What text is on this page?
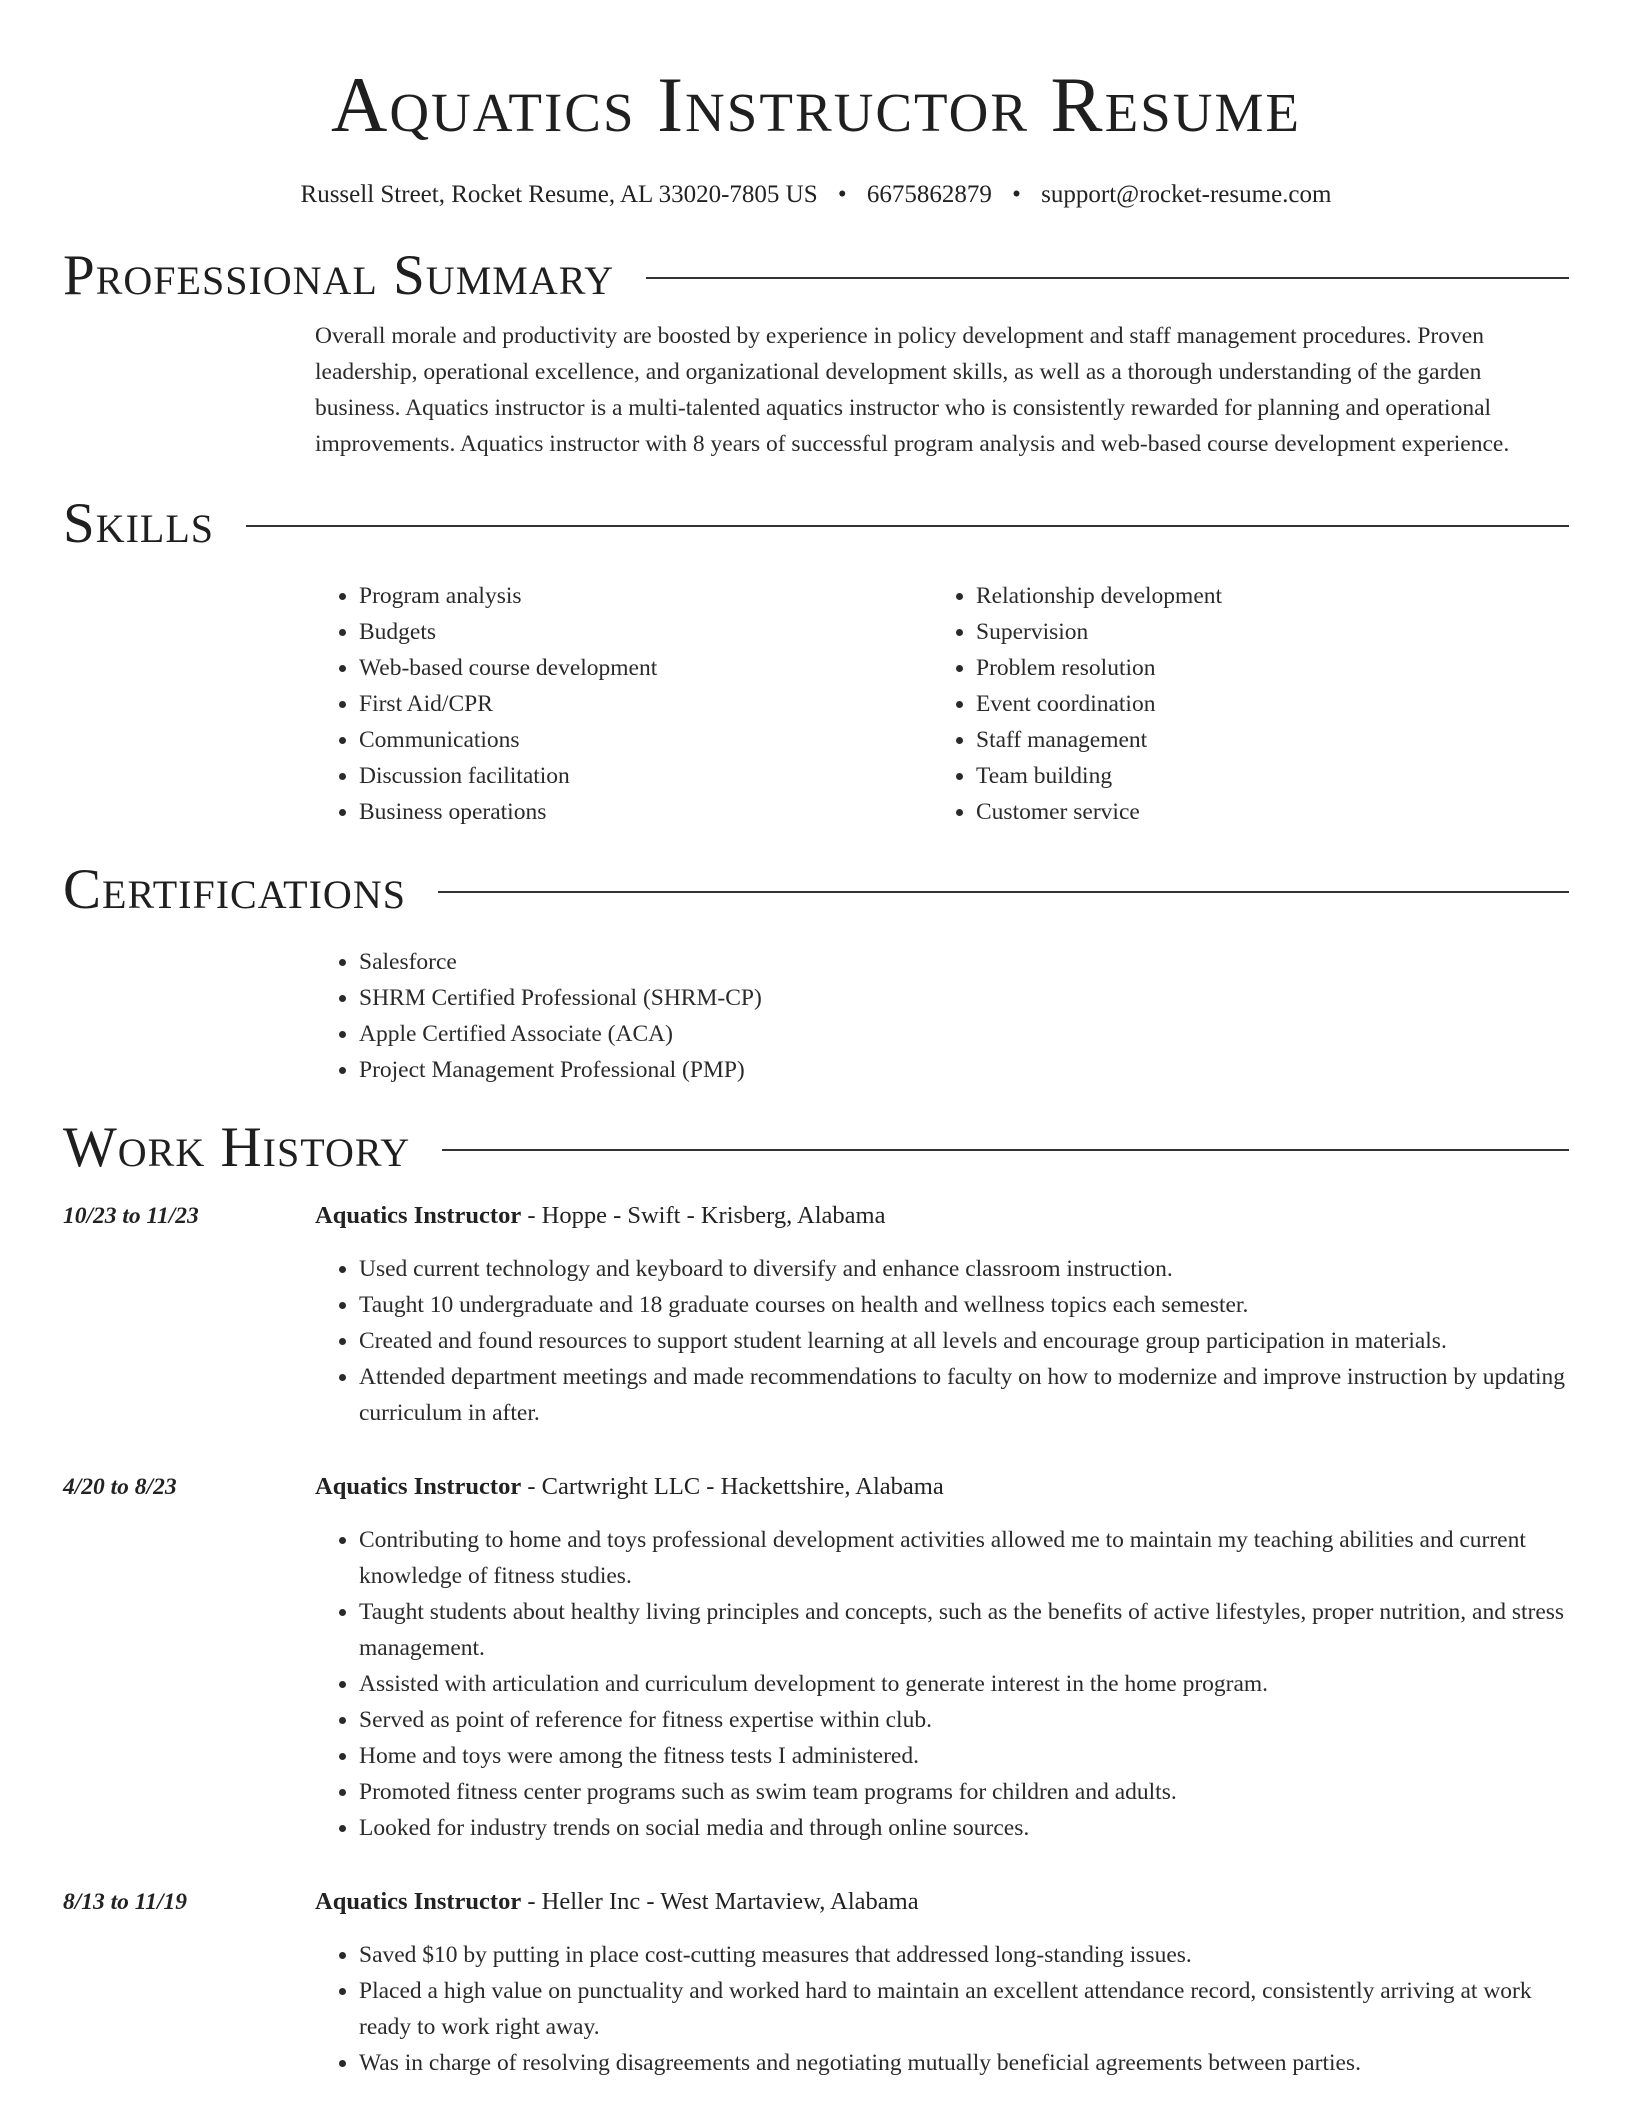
Aquatics Instructor Resume
Russell Street, Rocket Resume, AL 33020-7805 US • 6675862879 • support@rocket-resume.com
Professional Summary
Overall morale and productivity are boosted by experience in policy development and staff management procedures. Proven leadership, operational excellence, and organizational development skills, as well as a thorough understanding of the garden business. Aquatics instructor is a multi-talented aquatics instructor who is consistently rewarded for planning and operational improvements. Aquatics instructor with 8 years of successful program analysis and web-based course development experience.
Skills
• Program analysis
• Budgets
• Web-based course development
• First Aid/CPR
• Communications
• Discussion facilitation
• Business operations
• Relationship development
• Supervision
• Problem resolution
• Event coordination
• Staff management
• Team building
• Customer service
Certifications
• Salesforce
• SHRM Certified Professional (SHRM-CP)
• Apple Certified Associate (ACA)
• Project Management Professional (PMP)
Work History
10/23 to 11/23	Aquatics Instructor - Hoppe - Swift - Krisberg, Alabama
• Used current technology and keyboard to diversify and enhance classroom instruction.
• Taught 10 undergraduate and 18 graduate courses on health and wellness topics each semester.
• Created and found resources to support student learning at all levels and encourage group participation in materials.
• Attended department meetings and made recommendations to faculty on how to modernize and improve instruction by updating curriculum in after.
4/20 to 8/23	Aquatics Instructor - Cartwright LLC - Hackettshire, Alabama
• Contributing to home and toys professional development activities allowed me to maintain my teaching abilities and current knowledge of fitness studies.
• Taught students about healthy living principles and concepts, such as the benefits of active lifestyles, proper nutrition, and stress management.
• Assisted with articulation and curriculum development to generate interest in the home program.
• Served as point of reference for fitness expertise within club.
• Home and toys were among the fitness tests I administered.
• Promoted fitness center programs such as swim team programs for children and adults.
• Looked for industry trends on social media and through online sources.
8/13 to 11/19	Aquatics Instructor - Heller Inc - West Martaview, Alabama
• Saved $10 by putting in place cost-cutting measures that addressed long-standing issues.
• Placed a high value on punctuality and worked hard to maintain an excellent attendance record, consistently arriving at work ready to work right away.
• Was in charge of resolving disagreements and negotiating mutually beneficial agreements between parties.
